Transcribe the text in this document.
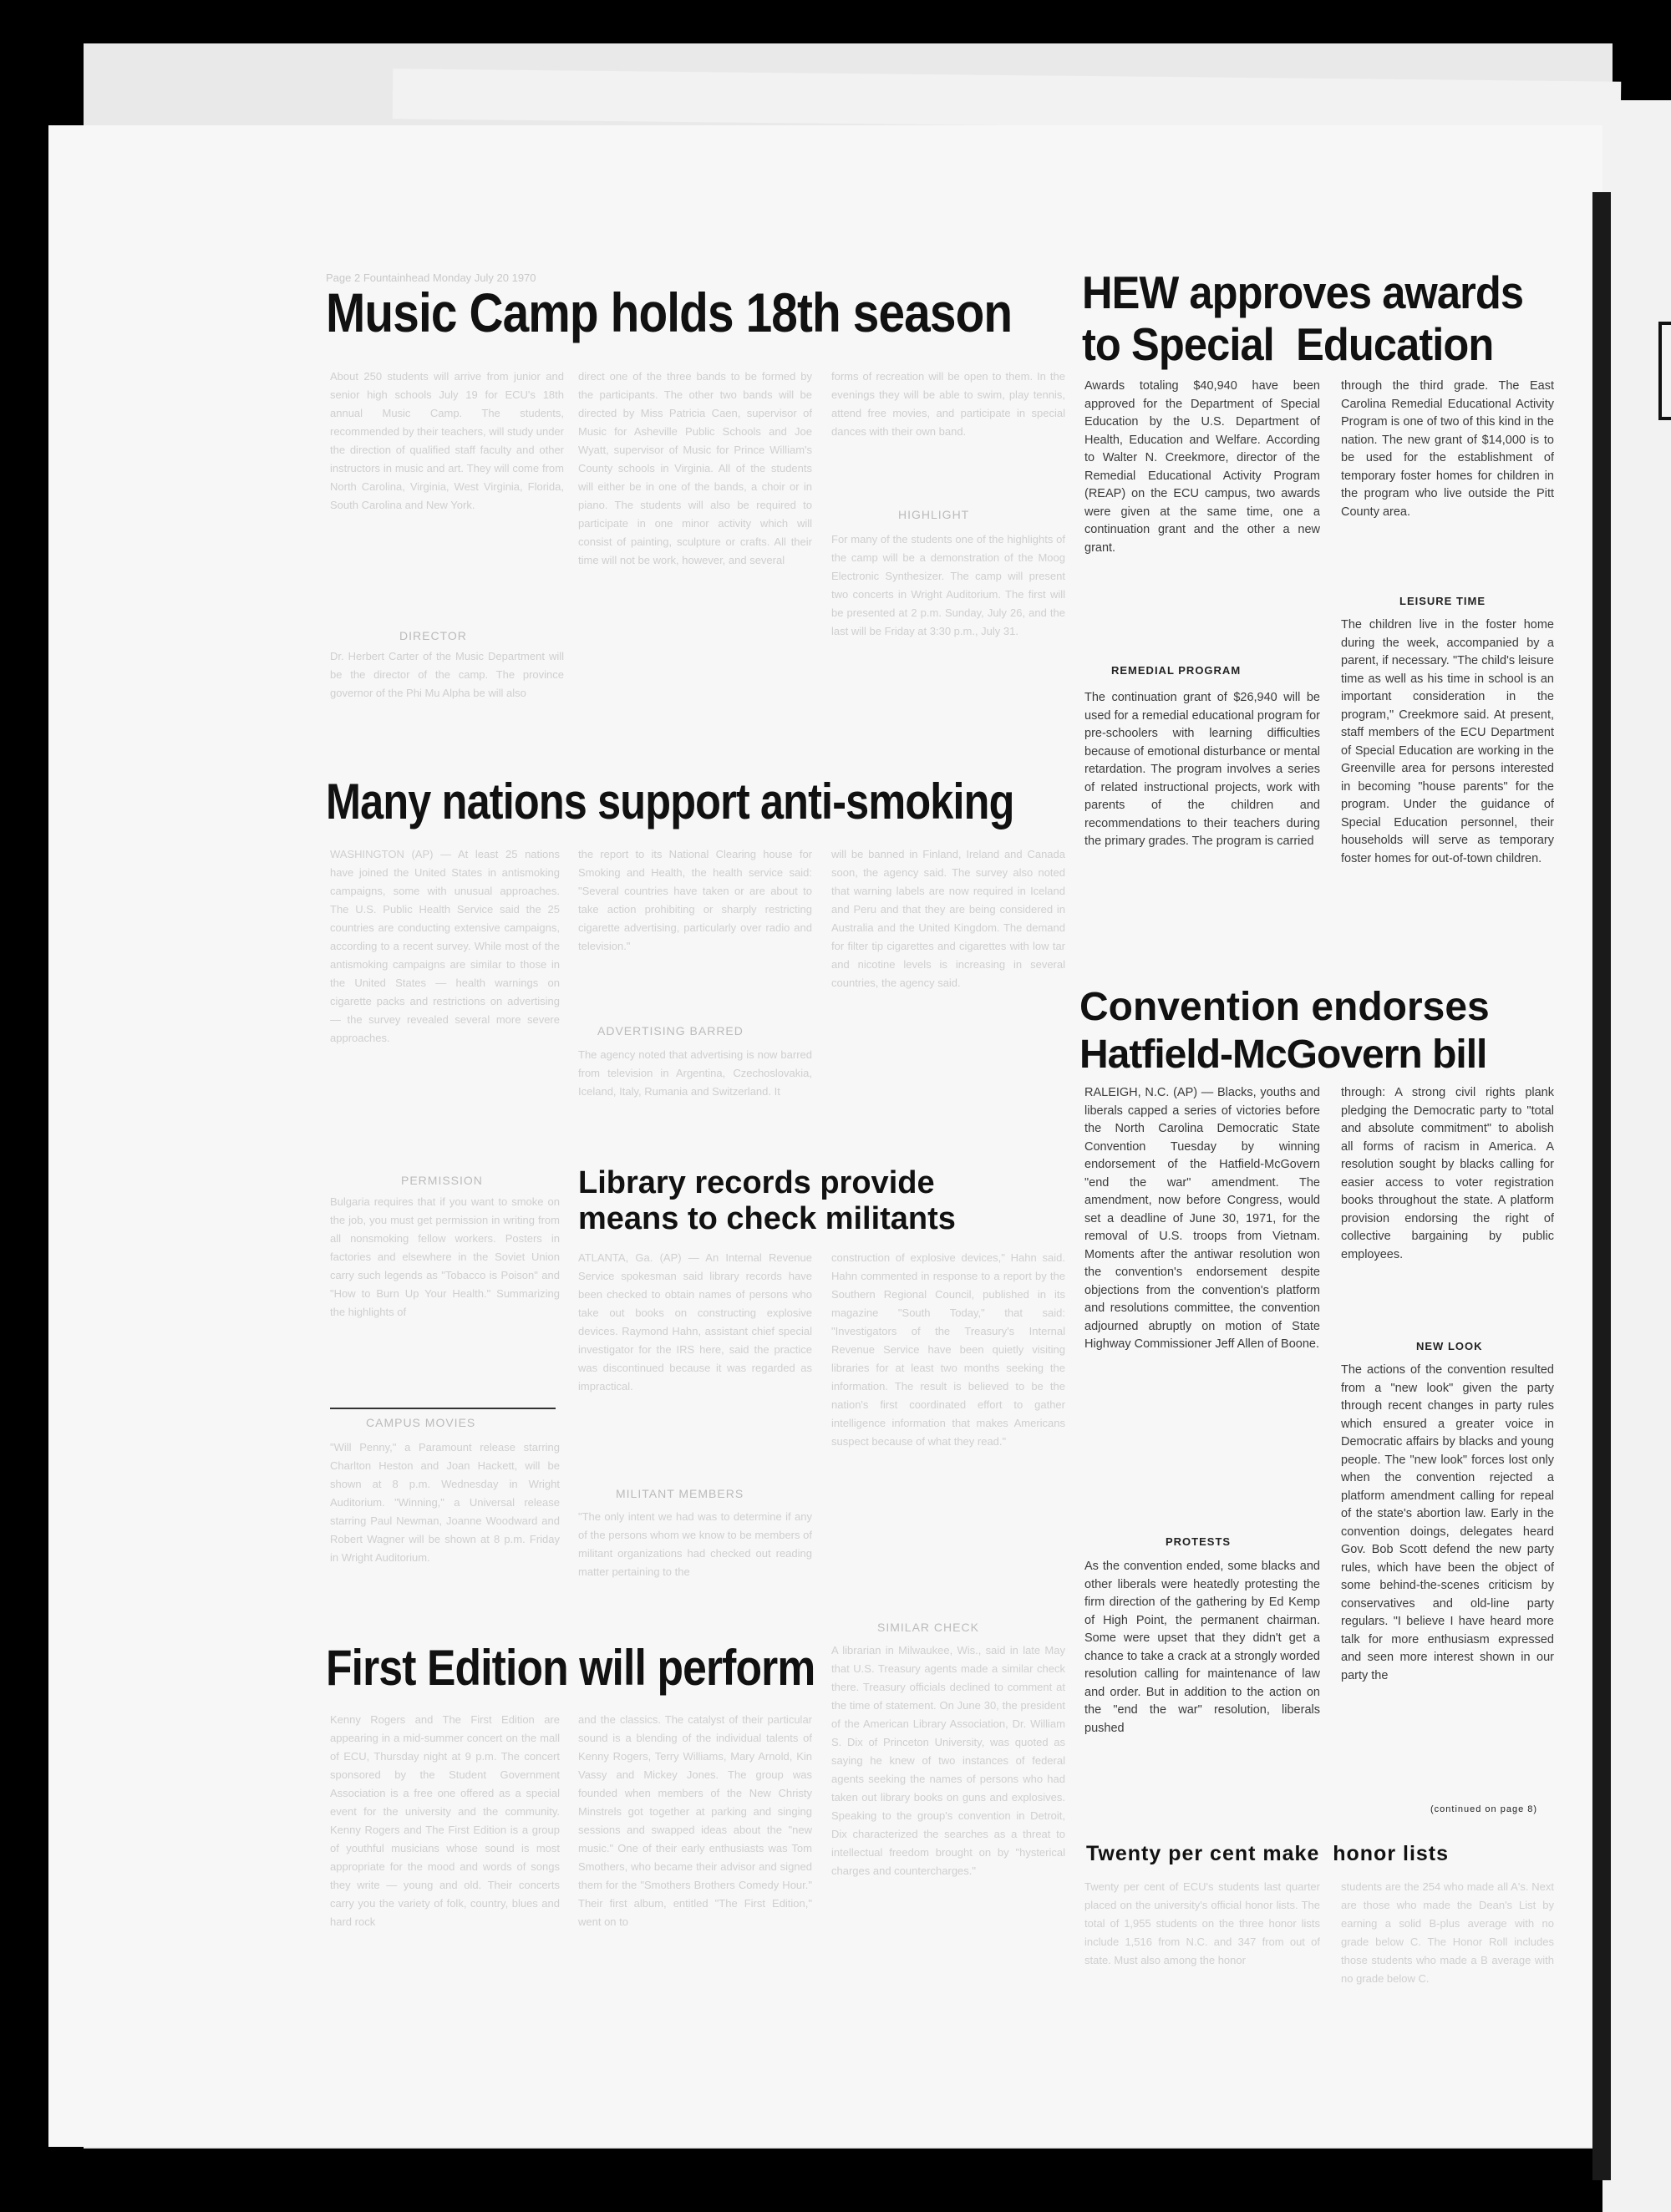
Page 2 Fountainhead Monday July 20 1970
Music Camp holds 18th season
About 250 students will arrive from junior and senior high schools July 19 for ECU's 18th annual Music Camp. The students, recommended by their teachers, will study under the direction of qualified staff faculty and other instructors in music and art. They will come from North Carolina, Virginia, West Virginia, Florida, South Carolina and New York.
DIRECTOR
Dr. Herbert Carter of the Music Department will be the director of the camp. The province governor of the Phi Mu Alpha be will also
direct one of the three bands to be formed by the participants. The other two bands will be directed by Miss Patricia Caen, supervisor of Music for Asheville Public Schools and Joe Wyatt, supervisor of Music for Prince William's County schools in Virginia. All of the students will either be in one of the bands, a choir or in piano. The students will also be required to participate in one minor activity which will consist of painting, sculpture or crafts. All their time will not be work, however, and several
forms of recreation will be open to them. In the evenings they will be able to swim, play tennis, attend free movies, and participate in special dances with their own band.
HIGHLIGHT
For many of the students one of the highlights of the camp will be a demonstration of the Moog Electronic Synthesizer. The camp will present two concerts in Wright Auditorium. The first will be presented at 2 p.m. Sunday, July 26, and the last will be Friday at 3:30 p.m., July 31.
Many nations support anti-smoking
WASHINGTON (AP) — At least 25 nations have joined the United States in antismoking campaigns, some with unusual approaches. The U.S. Public Health Service said the 25 countries are conducting extensive campaigns, according to a recent survey. While most of the antismoking campaigns are similar to those in the United States — health warnings on cigarette packs and restrictions on advertising — the survey revealed several more severe approaches.
PERMISSION
Bulgaria requires that if you want to smoke on the job, you must get permission in writing from all nonsmoking fellow workers. Posters in factories and elsewhere in the Soviet Union carry such legends as "Tobacco is Poison" and "How to Burn Up Your Health." Summarizing the highlights of
the report to its National Clearing house for Smoking and Health, the health service said: "Several countries have taken or are about to take action prohibiting or sharply restricting cigarette advertising, particularly over radio and television."
ADVERTISING BARRED
The agency noted that advertising is now barred from television in Argentina, Czechoslovakia, Iceland, Italy, Rumania and Switzerland. It
will be banned in Finland, Ireland and Canada soon, the agency said. The survey also noted that warning labels are now required in Iceland and Peru and that they are being considered in Australia and the United Kingdom. The demand for filter tip cigarettes and cigarettes with low tar and nicotine levels is increasing in several countries, the agency said.
CAMPUS MOVIES
"Will Penny," a Paramount release starring Charlton Heston and Joan Hackett, will be shown at 8 p.m. Wednesday in Wright Auditorium. "Winning," a Universal release starring Paul Newman, Joanne Woodward and Robert Wagner will be shown at 8 p.m. Friday in Wright Auditorium.
Library records provide
means to check militants
ATLANTA, Ga. (AP) — An Internal Revenue Service spokesman said library records have been checked to obtain names of persons who take out books on constructing explosive devices. Raymond Hahn, assistant chief special investigator for the IRS here, said the practice was discontinued because it was regarded as impractical.
MILITANT MEMBERS
"The only intent we had was to determine if any of the persons whom we know to be members of militant organizations had checked out reading matter pertaining to the
construction of explosive devices," Hahn said. Hahn commented in response to a report by the Southern Regional Council, published in its magazine "South Today," that said: "Investigators of the Treasury's Internal Revenue Service have been quietly visiting libraries for at least two months seeking the information. The result is believed to be the nation's first coordinated effort to gather intelligence information that makes Americans suspect because of what they read."
SIMILAR CHECK
A librarian in Milwaukee, Wis., said in late May that U.S. Treasury agents made a similar check there. Treasury officials declined to comment at the time of statement. On June 30, the president of the American Library Association, Dr. William S. Dix of Princeton University, was quoted as saying he knew of two instances of federal agents seeking the names of persons who had taken out library books on guns and explosives. Speaking to the group's convention in Detroit, Dix characterized the searches as a threat to intellectual freedom brought on by "hysterical charges and countercharges."
First Edition will perform
Kenny Rogers and The First Edition are appearing in a mid-summer concert on the mall of ECU, Thursday night at 9 p.m. The concert sponsored by the Student Government Association is a free one offered as a special event for the university and the community. Kenny Rogers and The First Edition is a group of youthful musicians whose sound is most appropriate for the mood and words of songs they write — young and old. Their concerts carry you the variety of folk, country, blues and hard rock
and the classics. The catalyst of their particular sound is a blending of the individual talents of Kenny Rogers, Terry Williams, Mary Arnold, Kin Vassy and Mickey Jones. The group was founded when members of the New Christy Minstrels got together at parking and singing sessions and swapped ideas about the "new music." One of their early enthusiasts was Tom Smothers, who became their advisor and signed them for the "Smothers Brothers Comedy Hour." Their first album, entitled "The First Edition," went on to
HEW approves awards
to Special  Education
Awards totaling $40,940 have been approved for the Department of Special Education by the U.S. Department of Health, Education and Welfare. According to Walter N. Creekmore, director of the Remedial Educational Activity Program (REAP) on the ECU campus, two awards were given at the same time, one a continuation grant and the other a new grant.
REMEDIAL PROGRAM
The continuation grant of $26,940 will be used for a remedial educational program for pre-schoolers with learning difficulties because of emotional disturbance or mental retardation. The program involves a series of related instructional projects, work with parents of the children and recommendations to their teachers during the primary grades. The program is carried
through the third grade. The East Carolina Remedial Educational Activity Program is one of two of this kind in the nation. The new grant of $14,000 is to be used for the establishment of temporary foster homes for children in the program who live outside the Pitt County area.
LEISURE TIME
The children live in the foster home during the week, accompanied by a parent, if necessary. "The child's leisure time as well as his time in school is an important consideration in the program," Creekmore said. At present, staff members of the ECU Department of Special Education are working in the Greenville area for persons interested in becoming "house parents" for the program. Under the guidance of Special Education personnel, their households will serve as temporary foster homes for out-of-town children.
Convention endorses
Hatfield-McGovern bill
RALEIGH, N.C. (AP) — Blacks, youths and liberals capped a series of victories before the North Carolina Democratic State Convention Tuesday by winning endorsement of the Hatfield-McGovern "end the war" amendment. The amendment, now before Congress, would set a deadline of June 30, 1971, for the removal of U.S. troops from Vietnam. Moments after the antiwar resolution won the convention's endorsement despite objections from the convention's platform and resolutions committee, the convention adjourned abruptly on motion of State Highway Commissioner Jeff Allen of Boone.
PROTESTS
As the convention ended, some blacks and other liberals were heatedly protesting the firm direction of the gathering by Ed Kemp of High Point, the permanent chairman. Some were upset that they didn't get a chance to take a crack at a strongly worded resolution calling for maintenance of law and order. But in addition to the action on the "end the war" resolution, liberals pushed
through: A strong civil rights plank pledging the Democratic party to "total and absolute commitment" to abolish all forms of racism in America. A resolution sought by blacks calling for easier access to voter registration books throughout the state. A platform provision endorsing the right of collective bargaining by public employees.
NEW LOOK
The actions of the convention resulted from a "new look" given the party through recent changes in party rules which ensured a greater voice in Democratic affairs by blacks and young people. The "new look" forces lost only when the convention rejected a platform amendment calling for repeal of the state's abortion law. Early in the convention doings, delegates heard Gov. Bob Scott defend the new party rules, which have been the object of some behind-the-scenes criticism by conservatives and old-line party regulars. "I believe I have heard more talk for more enthusiasm expressed and seen more interest shown in our party the
(continued on page 8)
Twenty per cent make  honor lists
Twenty per cent of ECU's students last quarter placed on the university's official honor lists. The total of 1,955 students on the three honor lists include 1,516 from N.C. and 347 from out of state. Must also among the honor
students are the 254 who made all A's. Next are those who made the Dean's List by earning a solid B-plus average with no grade below C. The Honor Roll includes those students who made a B average with no grade below C.
